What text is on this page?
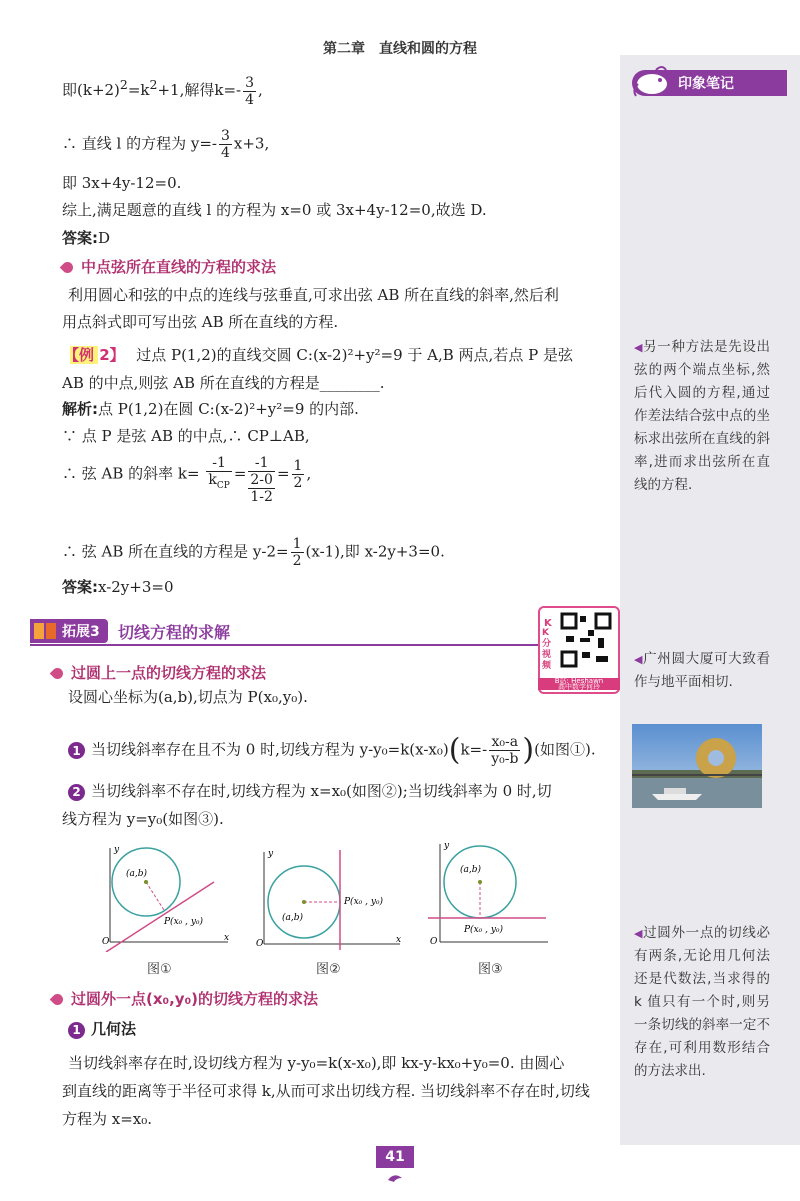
第二章　直线和圆的方程
印象笔记
即$(k+2)^2=k^2+1$,解得$k=- \frac{3}{4}$ ,
∴ 直线 l 的方程为 $y=- \frac{3}{4} x+3$,
即 3x+4y-12=0.
综上,满足题意的直线 l 的方程为 x=0 或 3x+4y-12=0,故选 D.
答案:D
中点弦所在直线的方程的求法
利用圆心和弦的中点的连线与弦垂直,可求出弦 AB 所在直线的斜率,然后利
用点斜式即可写出弦 AB 所在直线的方程.
【例 2】 过点 P(1,2)的直线交圆 C:(x-2)²+y²=9 于 A,B 两点,若点 P 是弦
AB 的中点,则弦 AB 所在直线的方程是________.
解析:点 P(1,2)在圆 C:(x-2)²+y²=9 的内部.
∵ 点 P 是弦 AB 的中点,∴ CP⊥AB,
∴ 弦 AB 的斜率 $k= \frac{-1}{k_{CP}}$ =
-1
2-0
1-2
= $\frac{1}{2}$ ,
∴ 弦 AB 所在直线的方程是 $y-2= \frac{1}{2} (x-1)$,即 x-2y+3=0.
答案:x-2y+3=0
拓展3	切线方程的求解	K
K分视频
B站: Heshawn
高中数学何玲
过圆上一点的切线方程的求法
设圆心坐标为(a,b),切点为 P(x₀,y₀).
1 当切线斜率存在且不为 0 时,切线方程为 $y-y_0=k(x-x_0)(k=- \frac{\text{x₀-a}}{\text{y₀-b}}$ )(如图①).
2 当切线斜率不存在时,切线方程为 x=x₀(如图②);当切线斜率为 0 时,切
线方程为 y=y₀(如图③).
(a,b)
P(x₀ , y₀)
O	x
y
图①
(a,b)
P(x₀ , y₀)
O	x
y
图②
(a,b)
P(x₀ , y₀)
O
y
图③
过圆外一点(x₀,y₀)的切线方程的求法
1 几何法
当切线斜率存在时,设切线方程为 y-y₀=k(x-x₀),即 kx-y-kx₀+y₀=0. 由圆心
到直线的距离等于半径可求得 k,从而可求出切线方程. 当切线斜率不存在时,切线
方程为 x=x₀.
◀另一种方法是先设出弦的两个端点坐标,然后代入圆的方程,通过作差法结合弦中点的坐标求出弦所在直线的斜率,进而求出弦所在直线的方程.
◀广州圆大厦可大致看作与地平面相切.
◀过圆外一点的切线必有两条,无论用几何法还是代数法,当求得的 k 值只有一个时,则另一条切线的斜率一定不存在,可利用数形结合的方法求出.
41
